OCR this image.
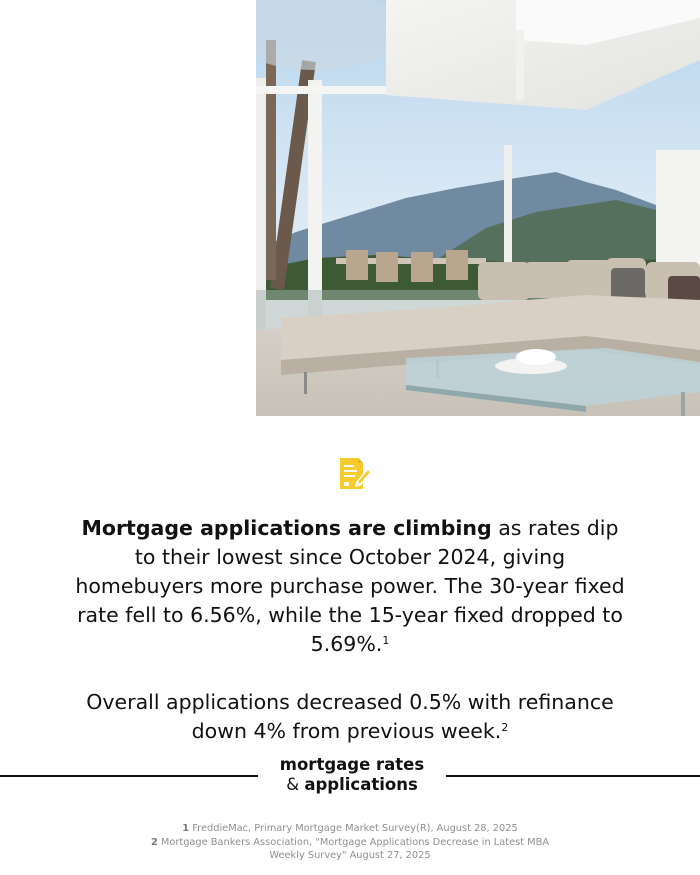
Mortgage applications are climbing as rates dip
to their lowest since October 2024, giving
homebuyers more purchase power. The 30-year fixed
rate fell to 6.56%, while the 15-year fixed dropped to
5.69%.$^1$

Overall applications decreased 0.5% with refinance
down 4% from previous week.$^2$

mortgage rates
& applications

1 FreddieMac, Primary Mortgage Market Survey(R), August 28, 2025

2 Mortgage Bankers Association, "Mortgage Applications Decrease in Latest MBA

Weekly Survey" August 27, 2025
